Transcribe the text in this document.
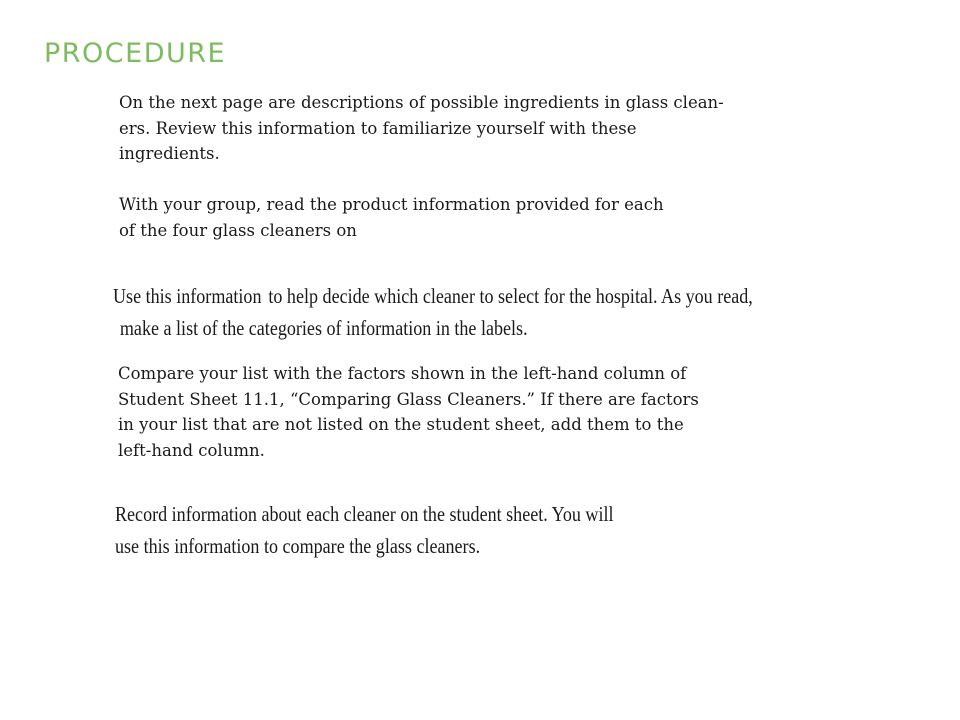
PROCEDURE

On the next page are descriptions of possible ingredients in glass clean-
ers. Review this information to familiarize yourself with these
ingredients.

With your group, read the product information provided for each
of the four glass cleaners on

Use this information to help decide which cleaner to select for the hospital. As you read,
make a list of the categories of information in the labels.

Compare your list with the factors shown in the left-hand column of
Student Sheet 11.1, “Comparing Glass Cleaners.” If there are factors
in your list that are not listed on the student sheet, add them to the
left-hand column.

Record information about each cleaner on the student sheet. You will
use this information to compare the glass cleaners.
